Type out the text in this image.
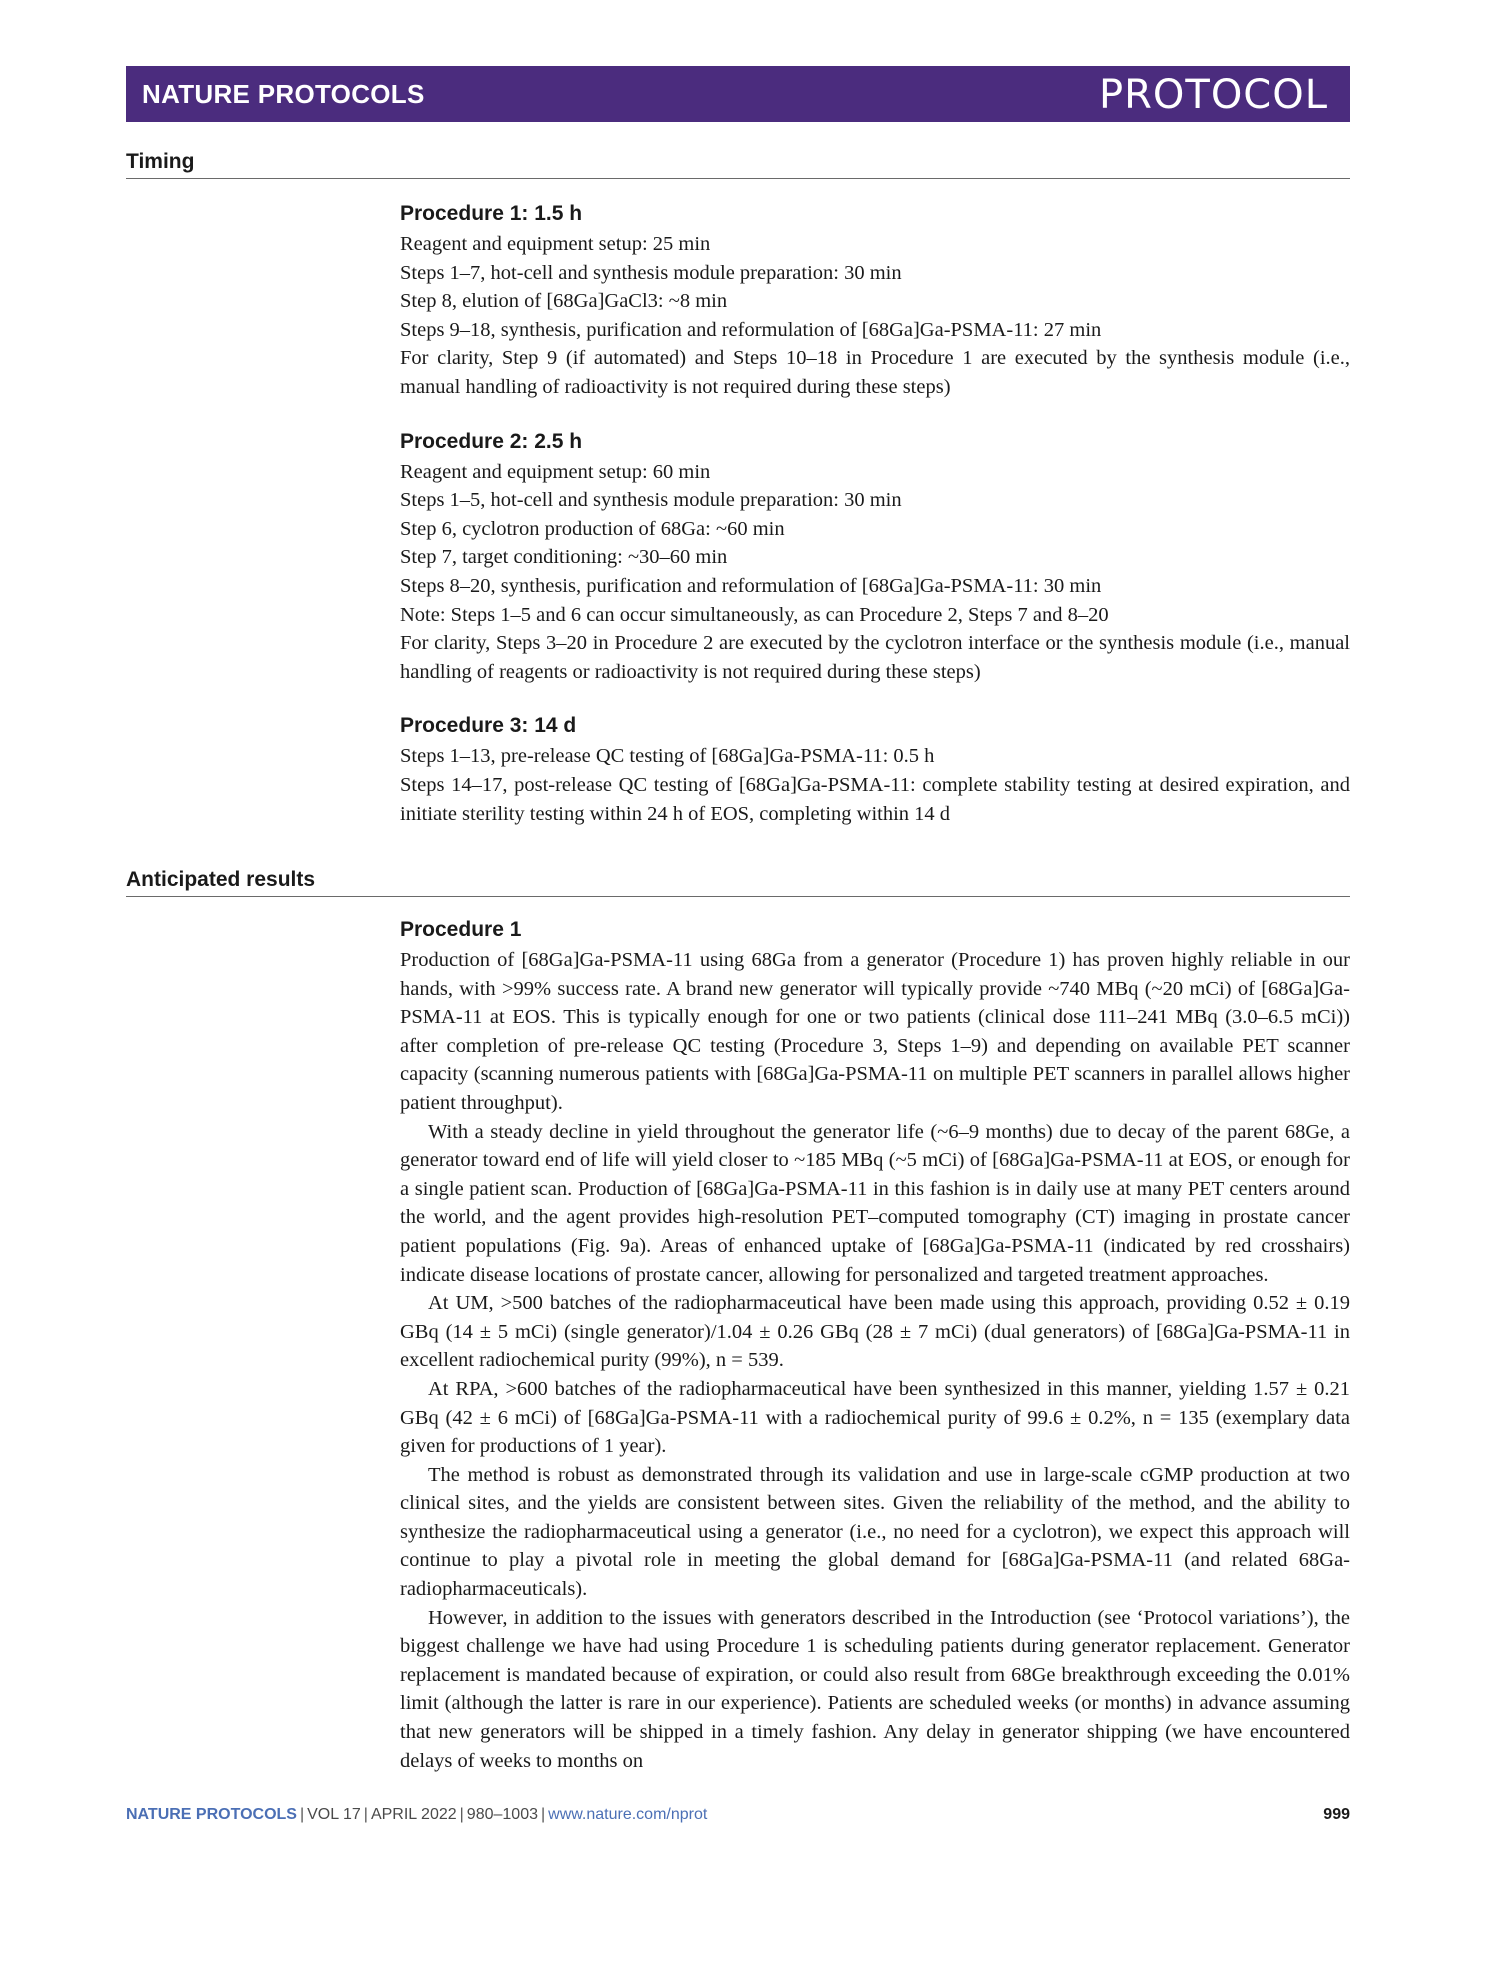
NATURE PROTOCOLS	PROTOCOL
Timing
Procedure 1: 1.5 h

Reagent and equipment setup: 25 min

Steps 1–7, hot-cell and synthesis module preparation: 30 min

Step 8, elution of [68Ga]GaCl3: ~8 min

Steps 9–18, synthesis, purification and reformulation of [68Ga]Ga-PSMA-11: 27 min

For clarity, Step 9 (if automated) and Steps 10–18 in Procedure 1 are executed by the synthesis module (i.e., manual handling of radioactivity is not required during these steps)

Procedure 2: 2.5 h

Reagent and equipment setup: 60 min

Steps 1–5, hot-cell and synthesis module preparation: 30 min

Step 6, cyclotron production of 68Ga: ~60 min

Step 7, target conditioning: ~30–60 min

Steps 8–20, synthesis, purification and reformulation of [68Ga]Ga-PSMA-11: 30 min

Note: Steps 1–5 and 6 can occur simultaneously, as can Procedure 2, Steps 7 and 8–20

For clarity, Steps 3–20 in Procedure 2 are executed by the cyclotron interface or the synthesis module (i.e., manual handling of reagents or radioactivity is not required during these steps)

Procedure 3: 14 d

Steps 1–13, pre-release QC testing of [68Ga]Ga-PSMA-11: 0.5 h

Steps 14–17, post-release QC testing of [68Ga]Ga-PSMA-11: complete stability testing at desired expiration, and initiate sterility testing within 24 h of EOS, completing within 14 d

Anticipated results
Procedure 1

Production of [68Ga]Ga-PSMA-11 using 68Ga from a generator (Procedure 1) has proven highly reliable in our hands, with >99% success rate. A brand new generator will typically provide ~740 MBq (~20 mCi) of [68Ga]Ga-PSMA-11 at EOS. This is typically enough for one or two patients (clinical dose 111–241 MBq (3.0–6.5 mCi)) after completion of pre-release QC testing (Procedure 3, Steps 1–9) and depending on available PET scanner capacity (scanning numerous patients with [68Ga]Ga-PSMA-11 on multiple PET scanners in parallel allows higher patient throughput).

With a steady decline in yield throughout the generator life (~6–9 months) due to decay of the parent 68Ge, a generator toward end of life will yield closer to ~185 MBq (~5 mCi) of [68Ga]Ga-PSMA-11 at EOS, or enough for a single patient scan. Production of [68Ga]Ga-PSMA-11 in this fashion is in daily use at many PET centers around the world, and the agent provides high-resolution PET–computed tomography (CT) imaging in prostate cancer patient populations (Fig. 9a). Areas of enhanced uptake of [68Ga]Ga-PSMA-11 (indicated by red crosshairs) indicate disease locations of prostate cancer, allowing for personalized and targeted treatment approaches.

At UM, >500 batches of the radiopharmaceutical have been made using this approach, providing 0.52 ± 0.19 GBq (14 ± 5 mCi) (single generator)/1.04 ± 0.26 GBq (28 ± 7 mCi) (dual generators) of [68Ga]Ga-PSMA-11 in excellent radiochemical purity (99%), n = 539.

At RPA, >600 batches of the radiopharmaceutical have been synthesized in this manner, yielding 1.57 ± 0.21 GBq (42 ± 6 mCi) of [68Ga]Ga-PSMA-11 with a radiochemical purity of 99.6 ± 0.2%, n = 135 (exemplary data given for productions of 1 year).

The method is robust as demonstrated through its validation and use in large-scale cGMP production at two clinical sites, and the yields are consistent between sites. Given the reliability of the method, and the ability to synthesize the radiopharmaceutical using a generator (i.e., no need for a cyclotron), we expect this approach will continue to play a pivotal role in meeting the global demand for [68Ga]Ga-PSMA-11 (and related 68Ga-radiopharmaceuticals).

However, in addition to the issues with generators described in the Introduction (see ‘Protocol variations’), the biggest challenge we have had using Procedure 1 is scheduling patients during generator replacement. Generator replacement is mandated because of expiration, or could also result from 68Ge breakthrough exceeding the 0.01% limit (although the latter is rare in our experience). Patients are scheduled weeks (or months) in advance assuming that new generators will be shipped in a timely fashion. Any delay in generator shipping (we have encountered delays of weeks to months on

NATURE PROTOCOLS | VOL 17 | APRIL 2022 | 980–1003 | www.nature.com/nprot	999
